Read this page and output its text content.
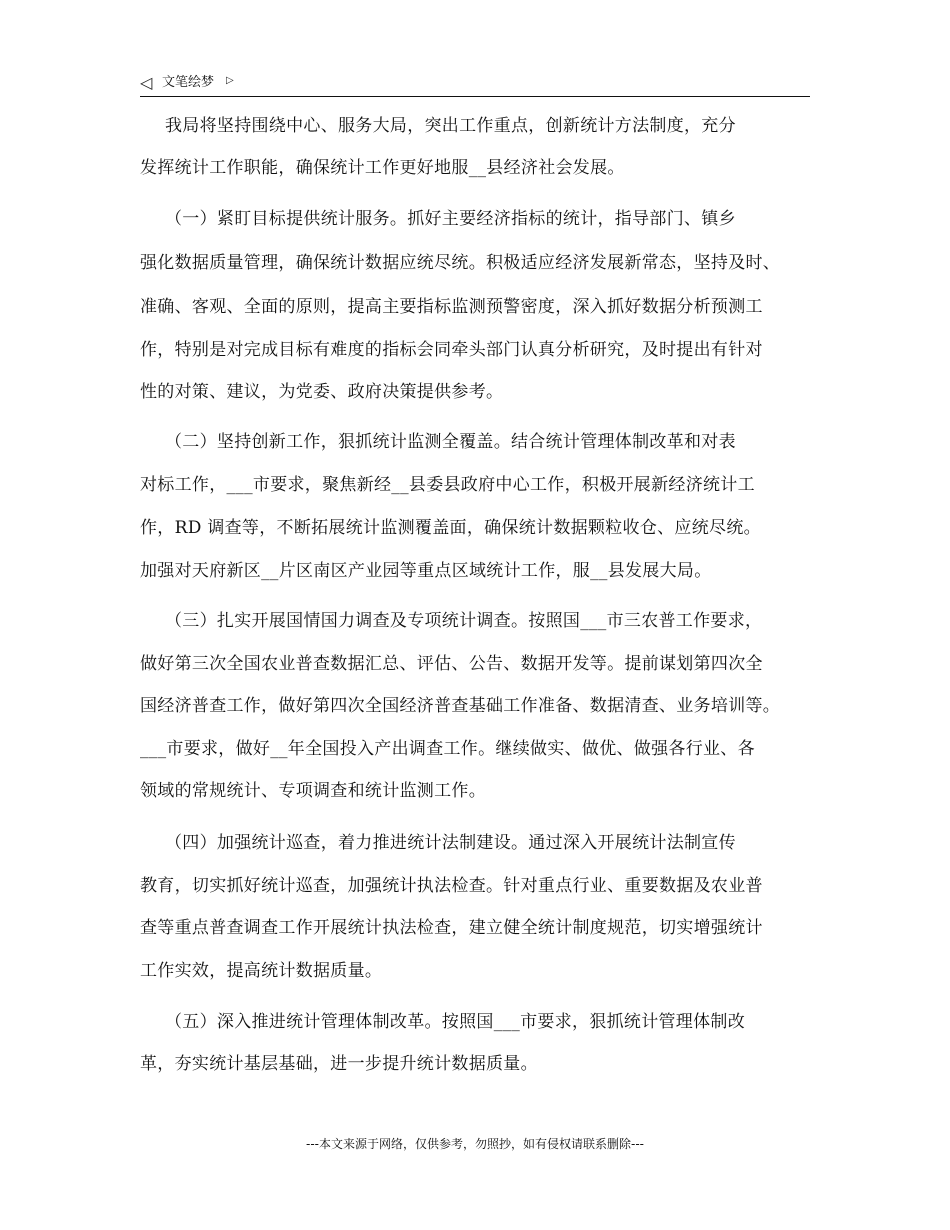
◁ 文笔绘梦 ▷
我局将坚持围绕中心、服务大局，突出工作重点，创新统计方法制度，充分
发挥统计工作职能，确保统计工作更好地服__县经济社会发展。
（一）紧盯目标提供统计服务。抓好主要经济指标的统计，指导部门、镇乡
强化数据质量管理，确保统计数据应统尽统。积极适应经济发展新常态，坚持及时、
准确、客观、全面的原则，提高主要指标监测预警密度，深入抓好数据分析预测工
作，特别是对完成目标有难度的指标会同牵头部门认真分析研究，及时提出有针对
性的对策、建议，为党委、政府决策提供参考。
（二）坚持创新工作，狠抓统计监测全覆盖。结合统计管理体制改革和对表
对标工作，___市要求，聚焦新经__县委县政府中心工作，积极开展新经济统计工
作，RD 调查等，不断拓展统计监测覆盖面，确保统计数据颗粒收仓、应统尽统。
加强对天府新区__片区南区产业园等重点区域统计工作，服__县发展大局。
（三）扎实开展国情国力调查及专项统计调查。按照国___市三农普工作要求，
做好第三次全国农业普查数据汇总、评估、公告、数据开发等。提前谋划第四次全
国经济普查工作，做好第四次全国经济普查基础工作准备、数据清查、业务培训等。
___市要求，做好__年全国投入产出调查工作。继续做实、做优、做强各行业、各
领域的常规统计、专项调查和统计监测工作。
（四）加强统计巡查，着力推进统计法制建设。通过深入开展统计法制宣传
教育，切实抓好统计巡查，加强统计执法检查。针对重点行业、重要数据及农业普
查等重点普查调查工作开展统计执法检查，建立健全统计制度规范，切实增强统计
工作实效，提高统计数据质量。
（五）深入推进统计管理体制改革。按照国___市要求，狠抓统计管理体制改
革，夯实统计基层基础，进一步提升统计数据质量。
---本文来源于网络，仅供参考，勿照抄，如有侵权请联系删除---
